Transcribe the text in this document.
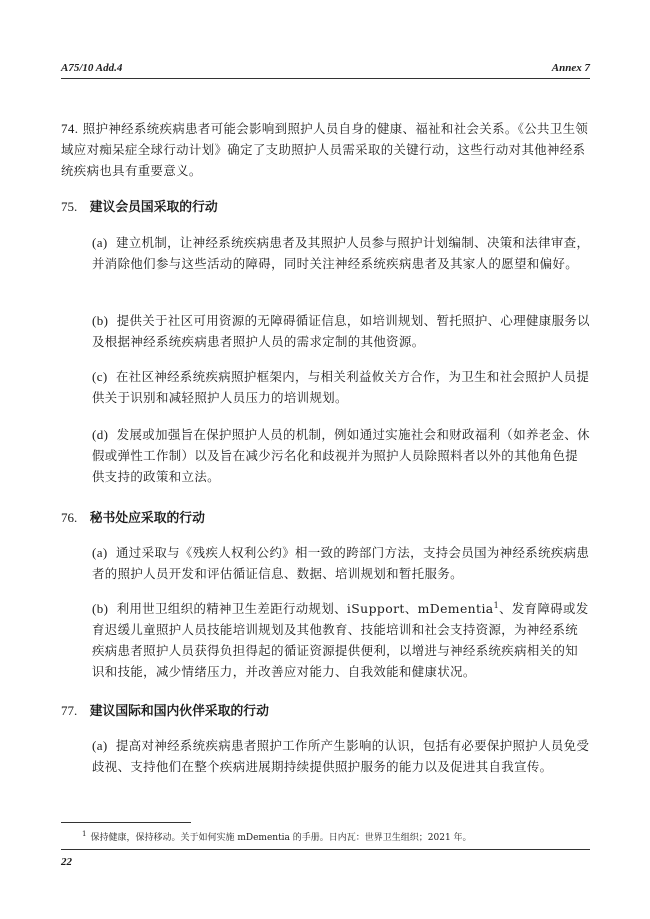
A75/10 Add.4	Annex 7
74. 照护神经系统疾病患者可能会影响到照护人员自身的健康、福祉和社会关系。《公共卫生领域应对痴呆症全球行动计划》确定了支助照护人员需采取的关键行动，这些行动对其他神经系统疾病也具有重要意义。
75. 建议会员国采取的行动
(a) 建立机制，让神经系统疾病患者及其照护人员参与照护计划编制、决策和法律审查，并消除他们参与这些活动的障碍，同时关注神经系统疾病患者及其家人的愿望和偏好。
(b) 提供关于社区可用资源的无障碍循证信息，如培训规划、暂托照护、心理健康服务以及根据神经系统疾病患者照护人员的需求定制的其他资源。
(c) 在社区神经系统疾病照护框架内，与相关利益攸关方合作，为卫生和社会照护人员提供关于识别和减轻照护人员压力的培训规划。
(d) 发展或加强旨在保护照护人员的机制，例如通过实施社会和财政福利（如养老金、休假或弹性工作制）以及旨在减少污名化和歧视并为照护人员除照料者以外的其他角色提供支持的政策和立法。
76. 秘书处应采取的行动
(a) 通过采取与《残疾人权利公约》相一致的跨部门方法，支持会员国为神经系统疾病患者的照护人员开发和评估循证信息、数据、培训规划和暂托服务。
(b) 利用世卫组织的精神卫生差距行动规划、iSupport、mDementia$^1$、发育障碍或发育迟缓儿童照护人员技能培训规划及其他教育、技能培训和社会支持资源，为神经系统疾病患者照护人员获得负担得起的循证资源提供便利，以增进与神经系统疾病相关的知识和技能，减少情绪压力，并改善应对能力、自我效能和健康状况。
77. 建议国际和国内伙伴采取的行动
(a) 提高对神经系统疾病患者照护工作所产生影响的认识，包括有必要保护照护人员免受歧视、支持他们在整个疾病进展期持续提供照护服务的能力以及促进其自我宣传。
$^1$ 保持健康，保持移动。关于如何实施 mDementia 的手册。日内瓦：世界卫生组织；2021 年。
22
